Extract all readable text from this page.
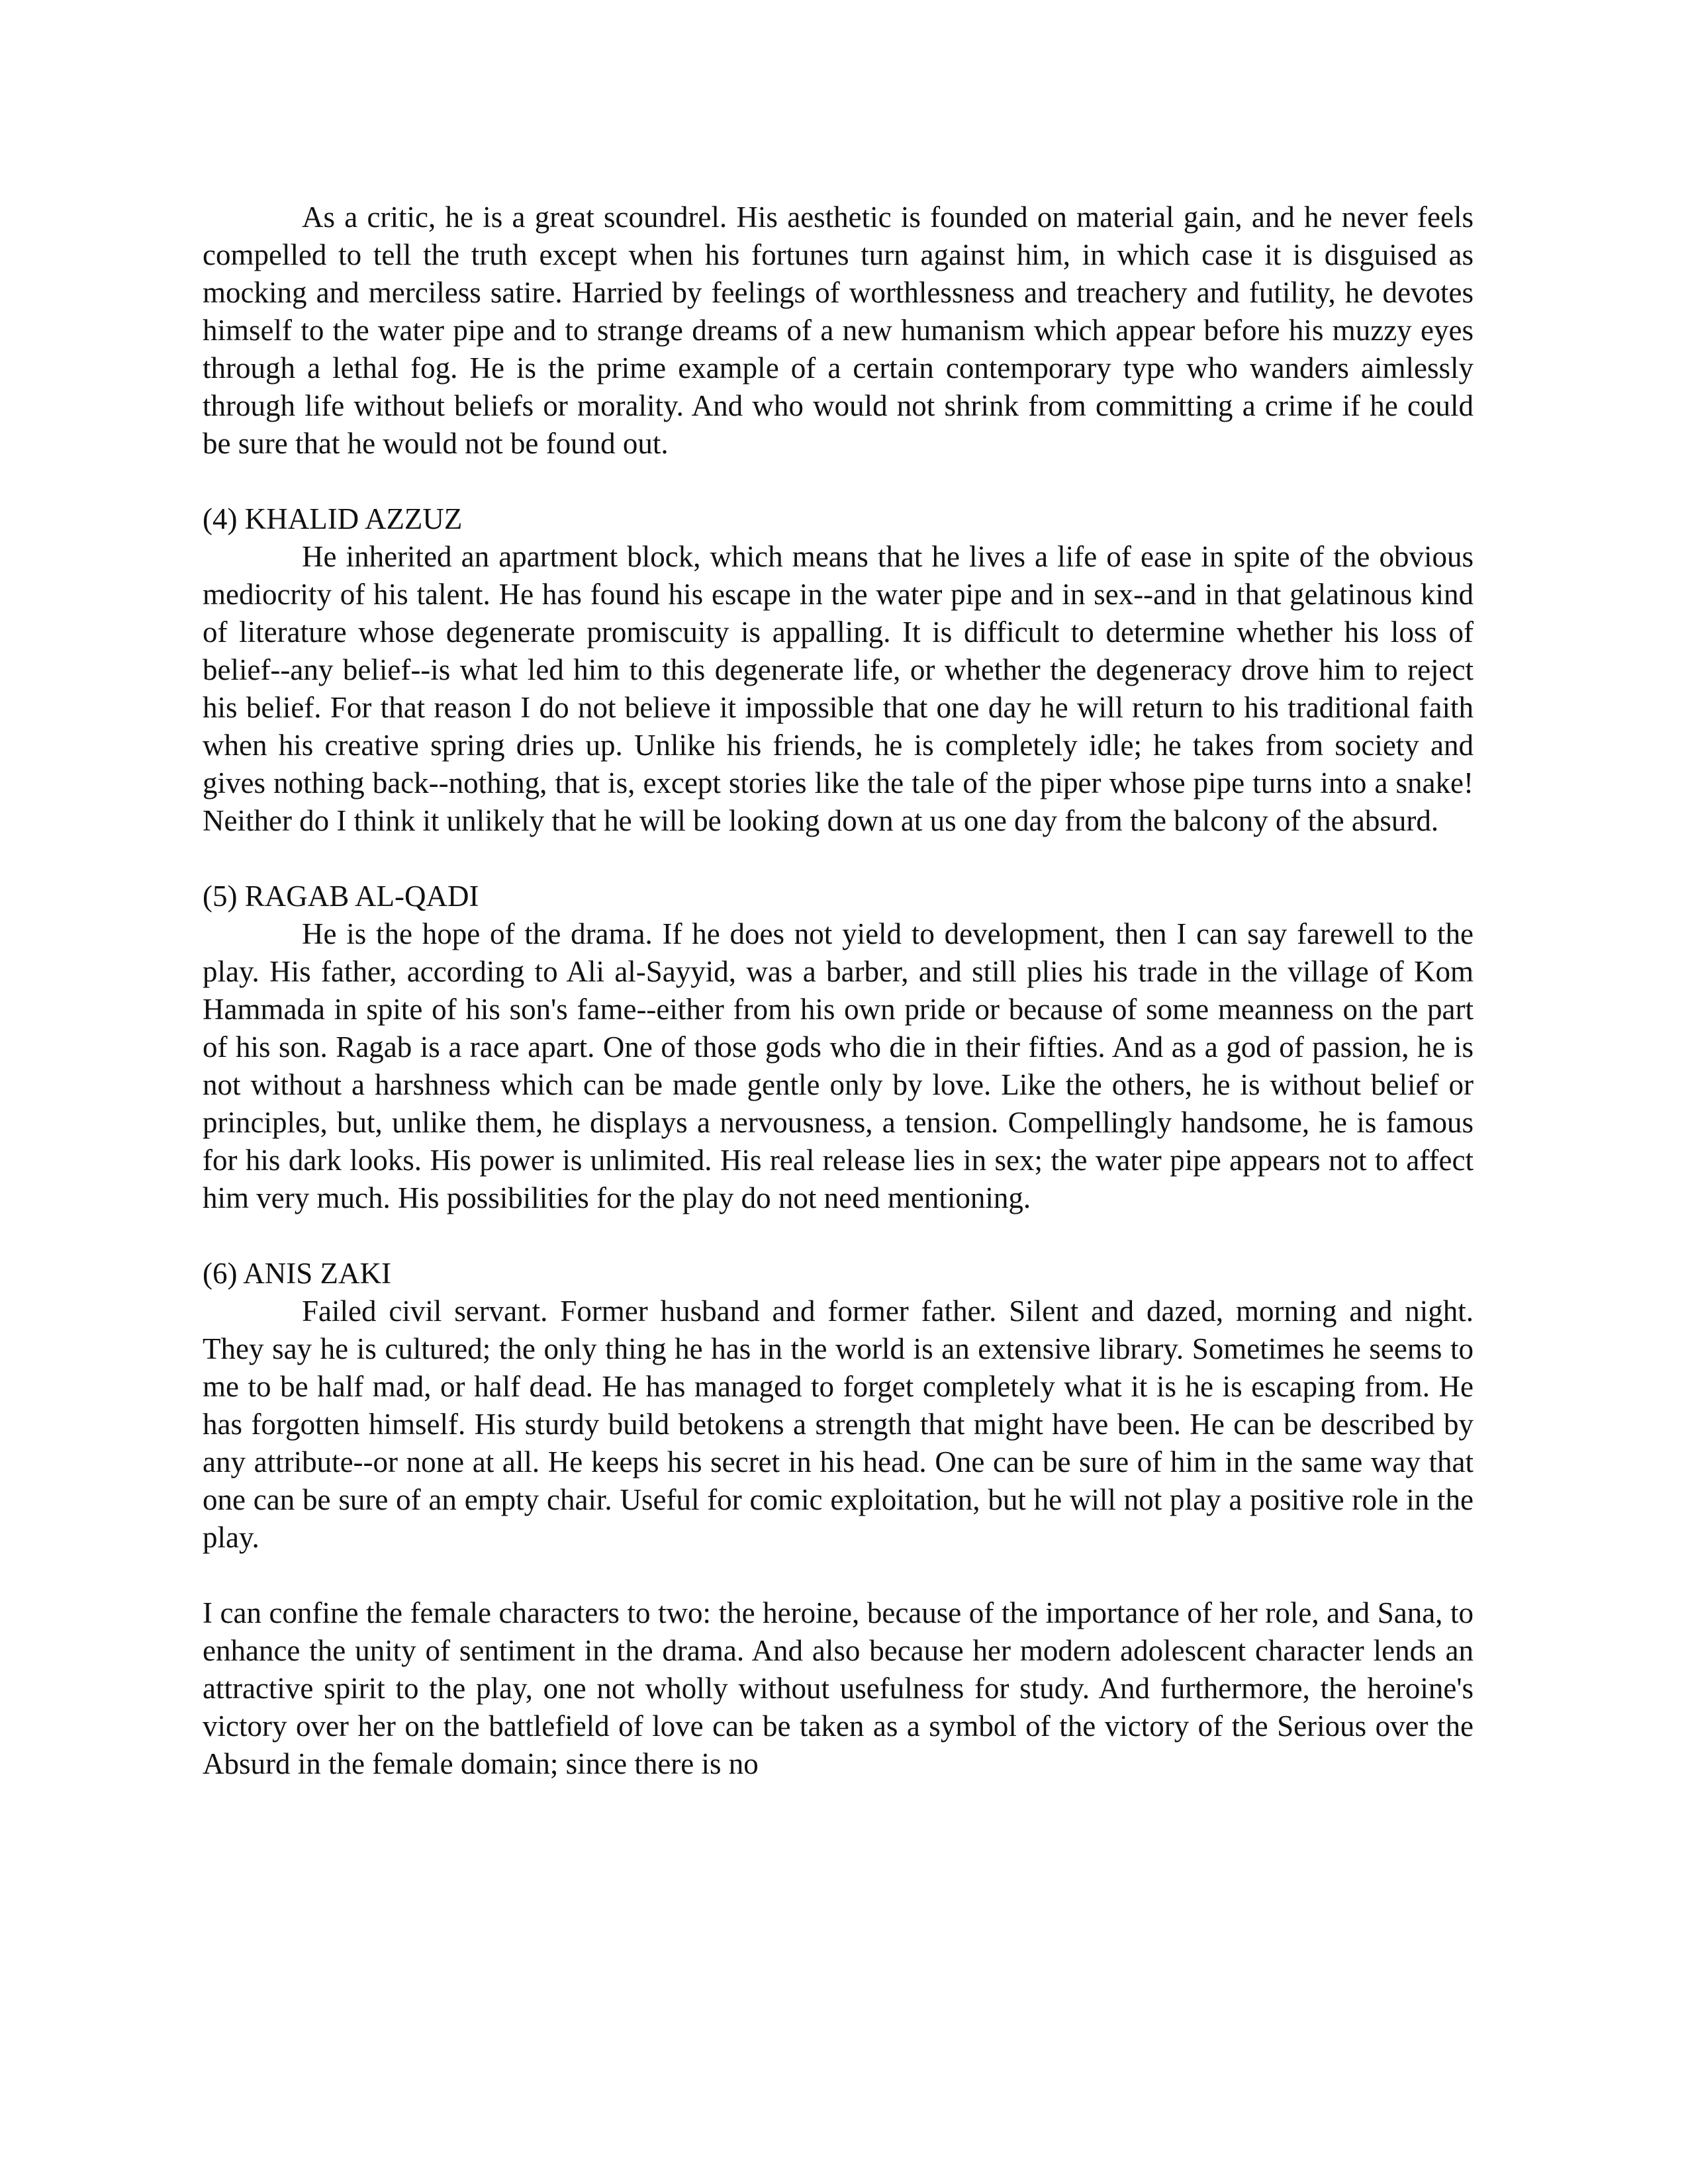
As a critic, he is a great scoundrel. His aesthetic is founded on material gain, and he never feels compelled to tell the truth except when his fortunes turn against him, in which case it is disguised as mocking and merciless satire. Harried by feelings of worthlessness and treachery and futility, he devotes himself to the water pipe and to strange dreams of a new humanism which appear before his muzzy eyes through a lethal fog. He is the prime example of a certain contemporary type who wanders aimlessly through life without beliefs or morality. And who would not shrink from committing a crime if he could be sure that he would not be found out.

(4) KHALID AZZUZ

He inherited an apartment block, which means that he lives a life of ease in spite of the obvious mediocrity of his talent. He has found his escape in the water pipe and in sex--and in that gelatinous kind of literature whose degenerate promiscuity is appalling. It is difficult to determine whether his loss of belief--any belief--is what led him to this degenerate life, or whether the degeneracy drove him to reject his belief. For that reason I do not believe it impossible that one day he will return to his traditional faith when his creative spring dries up. Unlike his friends, he is completely idle; he takes from society and gives nothing back--nothing, that is, except stories like the tale of the piper whose pipe turns into a snake! Neither do I think it unlikely that he will be looking down at us one day from the balcony of the absurd.

(5) RAGAB AL-QADI

He is the hope of the drama. If he does not yield to development, then I can say farewell to the play. His father, according to Ali al-Sayyid, was a barber, and still plies his trade in the village of Kom Hammada in spite of his son's fame--either from his own pride or because of some meanness on the part of his son. Ragab is a race apart. One of those gods who die in their fifties. And as a god of passion, he is not without a harshness which can be made gentle only by love. Like the others, he is without belief or principles, but, unlike them, he displays a nervousness, a tension. Compellingly handsome, he is famous for his dark looks. His power is unlimited. His real release lies in sex; the water pipe appears not to affect him very much. His possibilities for the play do not need mentioning.

(6) ANIS ZAKI

Failed civil servant. Former husband and former father. Silent and dazed, morning and night. They say he is cultured; the only thing he has in the world is an extensive library. Sometimes he seems to me to be half mad, or half dead. He has managed to forget completely what it is he is escaping from. He has forgotten himself. His sturdy build betokens a strength that might have been. He can be described by any attribute--or none at all. He keeps his secret in his head. One can be sure of him in the same way that one can be sure of an empty chair. Useful for comic exploitation, but he will not play a positive role in the play.

I can confine the female characters to two: the heroine, because of the importance of her role, and Sana, to enhance the unity of sentiment in the drama. And also because her modern adolescent character lends an attractive spirit to the play, one not wholly without usefulness for study. And furthermore, the heroine's victory over her on the battlefield of love can be taken as a symbol of the victory of the Serious over the Absurd in the female domain; since there is no
